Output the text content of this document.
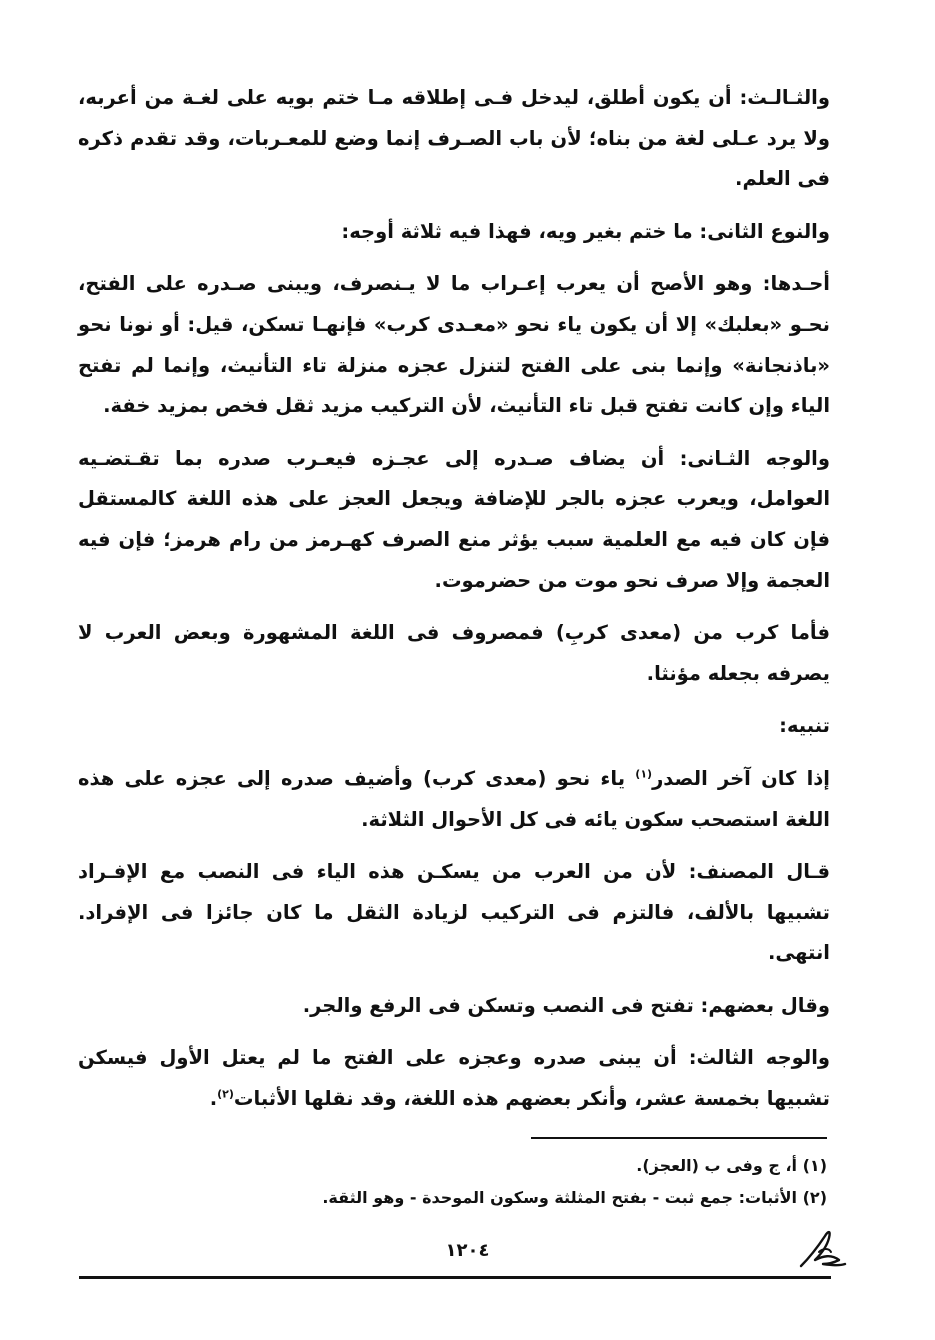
والثـالـث: أن يكون أطلق، ليدخل فـى إطلاقه مـا ختم بويه على لغـة من أعربه، ولا يرد عـلى لغة من بناه؛ لأن باب الصـرف إنما وضع للمعـربات، وقد تقدم ذكره فى العلم.

والنوع الثانى: ما ختم بغير ويه، فهذا فيه ثلاثة أوجه:

أحـدها: وهو الأصح أن يعرب إعـراب ما لا يـنصرف، ويبنى صـدره على الفتح، نحـو «بعلبك» إلا أن يكون ياء نحو «معـدى كرب» فإنهـا تسكن، قيل: أو نونا نحو «باذنجانة» وإنما بنى على الفتح لتنزل عجزه منزلة تاء التأنيث، وإنما لم تفتح الياء وإن كانت تفتح قبل تاء التأنيث، لأن التركيب مزيد ثقل فخص بمزيد خفة.

والوجه الثـانى: أن يضاف صـدره إلى عجـزه فيعـرب صدره بما تقـتضـيه العوامل، ويعرب عجزه بالجر للإضافة ويجعل العجز على هذه اللغة كالمستقل فإن كان فيه مع العلمية سبب يؤثر منع الصرف كهـرمز من رام هرمز؛ فإن فيه العجمة وإلا صرف نحو موت من حضرموت.

فأما كرب من (معدى كربِ) فمصروف فى اللغة المشهورة وبعض العرب لا يصرفه بجعله مؤنثا.

تنبيه:

إذا كان آخر الصدر$^{(١)}$ ياء نحو (معدى كرب) وأضيف صدره إلى عجزه على هذه اللغة استصحب سكون يائه فى كل الأحوال الثلاثة.

قـال المصنف: لأن من العرب من يسكـن هذه الياء فى النصب مع الإفـراد تشبيها بالألف، فالتزم فى التركيب لزيادة الثقل ما كان جائزا فى الإفراد. انتهى.

وقال بعضهم: تفتح فى النصب وتسكن فى الرفع والجر.

والوجه الثالث: أن يبنى صدره وعجزه على الفتح ما لم يعتل الأول فيسكن تشبيها بخمسة عشر، وأنكر بعضهم هذه اللغة، وقد نقلها الأثبات$^{(٢)}$.

(١) أ، ج وفى ب (العجز).

(٢) الأثبات: جمع ثبت - بفتح المثلثة وسكون الموحدة - وهو الثقة.

١٢٠٤
